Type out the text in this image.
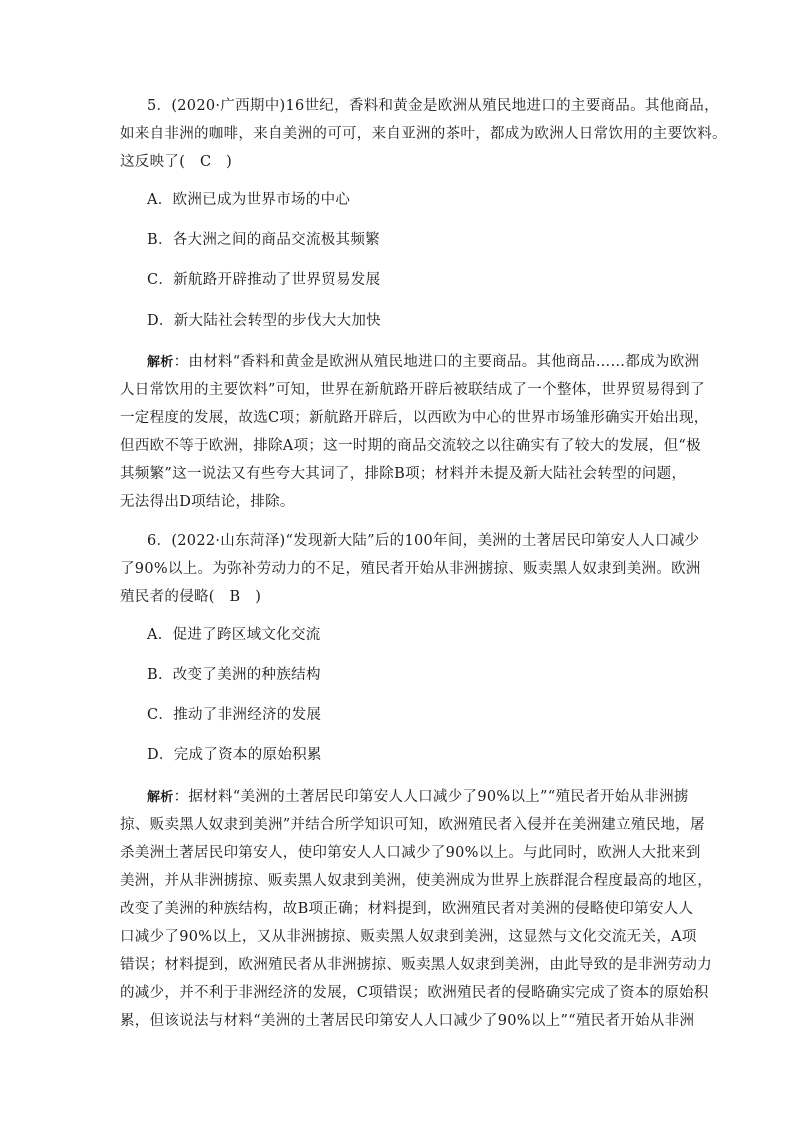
5．(2020·广西期中)16世纪，香料和黄金是欧洲从殖民地进口的主要商品。其他商品，
如来自非洲的咖啡，来自美洲的可可，来自亚洲的茶叶，都成为欧洲人日常饮用的主要饮料。
这反映了(　C　)
A．欧洲已成为世界市场的中心
B．各大洲之间的商品交流极其频繁
C．新航路开辟推动了世界贸易发展
D．新大陆社会转型的步伐大大加快
解析：由材料“香料和黄金是欧洲从殖民地进口的主要商品。其他商品……都成为欧洲
人日常饮用的主要饮料”可知，世界在新航路开辟后被联结成了一个整体，世界贸易得到了
一定程度的发展，故选C项；新航路开辟后，以西欧为中心的世界市场雏形确实开始出现，
但西欧不等于欧洲，排除A项；这一时期的商品交流较之以往确实有了较大的发展，但“极
其频繁”这一说法又有些夸大其词了，排除B项；材料并未提及新大陆社会转型的问题，
无法得出D项结论，排除。
6．(2022·山东菏泽)“发现新大陆”后的100年间，美洲的土著居民印第安人人口减少
了90%以上。为弥补劳动力的不足，殖民者开始从非洲掳掠、贩卖黑人奴隶到美洲。欧洲
殖民者的侵略(　B　)
A．促进了跨区域文化交流
B．改变了美洲的种族结构
C．推动了非洲经济的发展
D．完成了资本的原始积累
解析：据材料“美洲的土著居民印第安人人口减少了90%以上”“殖民者开始从非洲掳
掠、贩卖黑人奴隶到美洲”并结合所学知识可知，欧洲殖民者入侵并在美洲建立殖民地，屠
杀美洲土著居民印第安人，使印第安人人口减少了90%以上。与此同时，欧洲人大批来到
美洲，并从非洲掳掠、贩卖黑人奴隶到美洲，使美洲成为世界上族群混合程度最高的地区，
改变了美洲的种族结构，故B项正确；材料提到，欧洲殖民者对美洲的侵略使印第安人人
口减少了90%以上，又从非洲掳掠、贩卖黑人奴隶到美洲，这显然与文化交流无关，A项
错误；材料提到，欧洲殖民者从非洲掳掠、贩卖黑人奴隶到美洲，由此导致的是非洲劳动力
的减少，并不利于非洲经济的发展，C项错误；欧洲殖民者的侵略确实完成了资本的原始积
累，但该说法与材料“美洲的土著居民印第安人人口减少了90%以上”“殖民者开始从非洲
